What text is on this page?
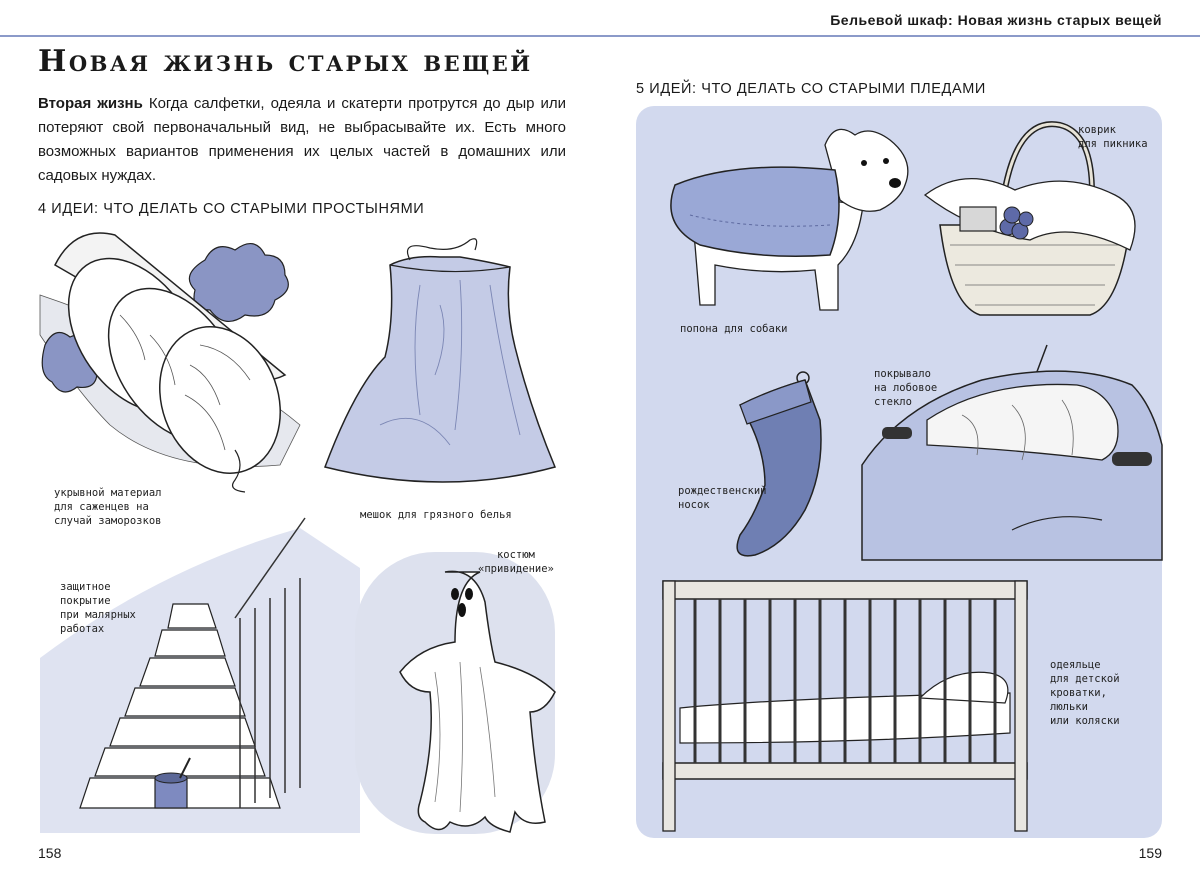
Бельевой шкаф: Новая жизнь старых вещей
Новая жизнь старых вещей
Вторая жизнь Когда салфетки, одеяла и скатерти протрутся до дыр или потеряют свой первоначальный вид, не выбрасывайте их. Есть много возможных вариантов применения их целых частей в домашних или садовых нуждах.
4 ИДЕИ: ЧТО ДЕЛАТЬ СО СТАРЫМИ ПРОСТЫНЯМИ
укрывной материал
для саженцев на
случай заморозков	мешок для грязного белья
защитное
покрытие
при малярных
работах
костюм
«привидение»
158
5 ИДЕЙ: ЧТО ДЕЛАТЬ СО СТАРЫМИ ПЛЕДАМИ
попона для собаки
коврик
для пикника
рождественский
носок
покрывало
на лобовое
стекло
одеяльце
для детской
кроватки,
люльки
или коляски
159
